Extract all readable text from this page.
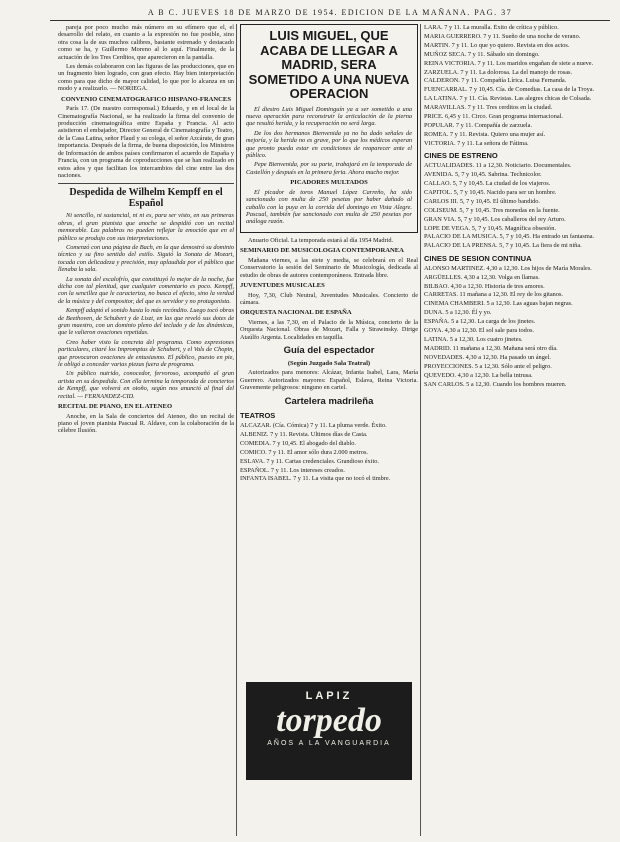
A B C. JUEVES 18 DE MARZO DE 1954. EDICION DE LA MAÑANA. PAG. 37

pareja por poco mucho más número en su efímero que el, el desarrollo del relato, en cuanto a la expresión no fue posible, sino otra cosa la de sus muchos calibres, bastante estrenado y destacado como se ha, y Guillermo Moreno al lo aquí. Finalmente, de la actuación de los Tres Cerditos, que aparecieron en la pantalla.

Les demás colaboraron con las figuras de las producciones, que en un fragmento bien logrado, con gran efecto. Hay bien interpretación como para que dicho de mayor calidad, lo que por lo alcanza en un modo y a realizarlo. — NORIEGA.

CONVENIO CINEMATOGRAFICO HISPANO-FRANCES

París 17. (De nuestro corresponsal.) Eduardo, y en el local de la Cinematografía Nacional, se ha realizado la firma del convenio de producción cinematográfica entre España y Francia. Al acto asistieron el embajador, Director General de Cinematografía y Teatro, de la Casa Latina, señor Flaud y su colega, el señor Azcárate, de gran importancia. Después de la firma, de buena disposición, los Ministros de Información de ambos países confirmaron el acuerdo de España y Francia, con un programa de coproducciones que se han realizado en estos años y que facilitan los intercambios del cine entre las dos naciones.

Despedida de Wilhelm Kempff en el Español

Ni sencillo, ni sustancial, ni ni es, para ser visto, en sus primeras obras, el gran pianista que anoche se despidió con un recital memorable. Las palabras no pueden reflejar la emoción que en el público se produjo con sus interpretaciones.

Comenzó con una página de Bach, en la que demostró su dominio técnico y su fino sentido del estilo. Siguió la Sonata de Mozart, tocada con delicadeza y precisión, muy aplaudida por el público que llenaba la sala.

La sonata del escalofrío, que constituyó lo mejor de la noche, fue dicha con tal plenitud, que cualquier comentario es poco. Kempff, con la sencillez que le caracteriza, no busca el efecto, sino la verdad de la música y del compositor, del que es servidor y no protagonista.

Kempff adaptó el sonido hasta lo más recóndito. Luego tocó obras de Beethoven, de Schubert y de Liszt, en las que reveló sus dotes de gran maestro, con un dominio pleno del teclado y de las dinámicas, que le valieron ovaciones repetidas.

Creo haber visto la concreta del programa. Como expresiones particulares, citaré los Impromptus de Schubert, y el Vals de Chopin, que provocaron ovaciones de entusiasmo. El público, puesto en pie, le obligó a conceder varias piezas fuera de programa.

Un público nutrido, conocedor, fervoroso, acompañó al gran artista en su despedida. Con ella termina la temporada de conciertos de Kempff, que volverá en otoño, según nos anunció al final del recital. — FERNANDEZ-CID.

RECITAL DE PIANO, EN EL ATENEO

Anoche, en la Sala de conciertos del Ateneo, dio un recital de piano el joven pianista Pascual R. Aldave, con la colaboración de la célebre Ilusión.

LUIS MIGUEL, QUE ACABA DE LLEGAR A MADRID, SERA SOMETIDO A UNA NUEVA OPERACION

El diestro Luis Miguel Dominguín ya a ser sometido a una nueva operación para reconstruir la articulación de la pierna que resultó herida, y la recuperación no será larga.

De los dos hermanos Bienvenida ya no ha dado señales de mejoría, y la herida no es grave, por lo que los médicos esperan que pronto pueda estar en condiciones de reaparecer ante el público.

Pepe Bienvenida, por su parte, trabajará en la temporada de Castellón y después en la primera feria. Ahora mucho mejor.

PICADORES MULTADOS

El picador de toros Manuel López Carreño, ha sido sancionado con multa de 250 pesetas por haber dañado al caballo con la puya en la corrida del domingo en Vista Alegre. Pascual, también fue sancionado con multa de 250 pesetas por análoga razón.

Anuario Oficial. La temporada estará al día 1954 Madrid.

SEMINARIO DE MUSICOLOGIA CONTEMPORANEA

Mañana viernes, a las siete y media, se celebrará en el Real Conservatorio la sesión del Seminario de Musicología, dedicada al estudio de obras de autores contemporáneos. Entrada libre.

JUVENTUDES MUSICALES

Hoy, 7,30, Club Neutral, Juventudes Musicales. Concierto de cámara.

ORQUESTA NACIONAL DE ESPAÑA

Viernes, a las 7,30, en el Palacio de la Música, concierto de la Orquesta Nacional. Obras de Mozart, Falla y Strawinsky. Dirige Ataúlfo Argenta. Localidades en taquilla.

Guía del espectador
(Según Juzgado Sala Teatral)

Autorizados para menores: Alcázar, Infanta Isabel, Lara, María Guerrero. Autorizados mayores: Español, Eslava, Reina Victoria. Gravemente peligrosos: ninguno en cartel.

Cartelera madrileña
TEATROS

ALCAZAR. (Cía. Cómica) 7 y 11. La pluma verde. Éxito.

ALBENIZ. 7 y 11. Revista. Ultimos días de Casta.

COMEDIA. 7 y 10,45. El abogado del diablo.

COMICO. 7 y 11. El amor sólo dura 2.000 metros.

ESLAVA. 7 y 11. Cartas credenciales. Grandioso éxito.

ESPAÑOL. 7 y 11. Los intereses creados.

INFANTA ISABEL. 7 y 11. La visita que no tocó el timbre.

LAPIZ
torpedo
AÑOS A LA VANGUARDIA

LARA. 7 y 11. La muralla. Éxito de crítica y público.

MARIA GUERRERO. 7 y 11. Sueño de una noche de verano.

MARTIN. 7 y 11. Lo que yo quiero. Revista en dos actos.

MUÑOZ SECA. 7 y 11. Sábado sin domingo.

REINA VICTORIA. 7 y 11. Los maridos engañan de siete a nueve.

ZARZUELA. 7 y 11. La dolorosa. La del manojo de rosas.

CALDERON. 7 y 11. Compañía Lírica. Luisa Fernanda.

FUENCARRAL. 7 y 10,45. Cía. de Comedias. La casa de la Troya.

LA LATINA. 7 y 11. Cía. Revistas. Las alegres chicas de Colsada.

MARAVILLAS. 7 y 11. Tres cerditos en la ciudad.

PRICE. 6,45 y 11. Circo. Gran programa internacional.

POPULAR. 7 y 11. Compañía de zarzuela.

ROMEA. 7 y 11. Revista. Quiero una mujer así.

VICTORIA. 7 y 11. La señora de Fátima.

CINES DE ESTRENO

ACTUALIDADES. 11 a 12,30. Noticiario. Documentales.

AVENIDA. 5, 7 y 10,45. Sabrina. Technicolor.

CALLAO. 5, 7 y 10,45. La ciudad de los viajeros.

CAPITOL. 5, 7 y 10,45. Nacido para ser un hombre.

CARLOS III. 5, 7 y 10,45. El último bandido.

COLISEUM. 5, 7 y 10,45. Tres monedas en la fuente.

GRAN VIA. 5, 7 y 10,45. Los caballeros del rey Arturo.

LOPE DE VEGA. 5, 7 y 10,45. Magnífica obsesión.

PALACIO DE LA MUSICA. 5, 7 y 10,45. Ha entrado un fantasma.

PALACIO DE LA PRENSA. 5, 7 y 10,45. La fiera de mi niña.

CINES DE SESION CONTINUA

ALONSO MARTINEZ. 4,30 a 12,30. Los hijos de María Morales.

ARGÜELLES. 4,30 a 12,30. Volga en llamas.

BILBAO. 4,30 a 12,30. Historia de tres amores.

CARRETAS. 11 mañana a 12,30. El rey de los gitanos.

CINEMA CHAMBERI. 5 a 12,30. Las aguas bajan negras.

DUNA. 5 a 12,30. Él y yo.

ESPAÑA. 5 a 12,30. La carga de los jinetes.

GOYA. 4,30 a 12,30. El sol sale para todos.

LATINA. 5 a 12,30. Los cuatro jinetes.

MADRID. 11 mañana a 12,30. Mañana será otro día.

NOVEDADES. 4,30 a 12,30. Ha pasado un ángel.

PROYECCIONES. 5 a 12,30. Sólo ante el peligro.

QUEVEDO. 4,30 a 12,30. La bella intrusa.

SAN CARLOS. 5 a 12,30. Cuando los hombres mueren.
